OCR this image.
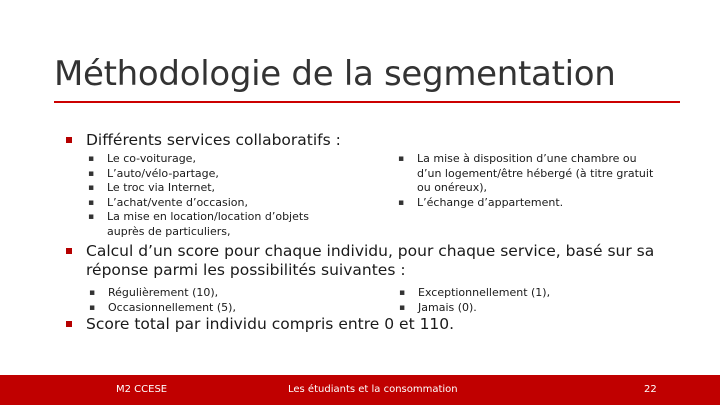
Méthodologie de la segmentation
Différents services collaboratifs :
▪ Le co-voiturage,
▪ L’auto/vélo-partage,
▪ Le troc via Internet,
▪ L’achat/vente d’occasion,
▪ La mise en location/location d’objets auprès de particuliers,
▪ La mise à disposition d’une chambre ou d’un logement/être hébergé (à titre gratuit ou onéreux),
▪ L’échange d’appartement.
Calcul d’un score pour chaque individu, pour chaque service, basé sur sa réponse parmi les possibilités suivantes :
▪ Régulièrement (10),
▪ Occasionnellement (5),
▪ Exceptionnellement (1),
▪ Jamais (0).
Score total par individu compris entre 0 et 110.
M2 CCESE	Les étudiants et la consommation	22
